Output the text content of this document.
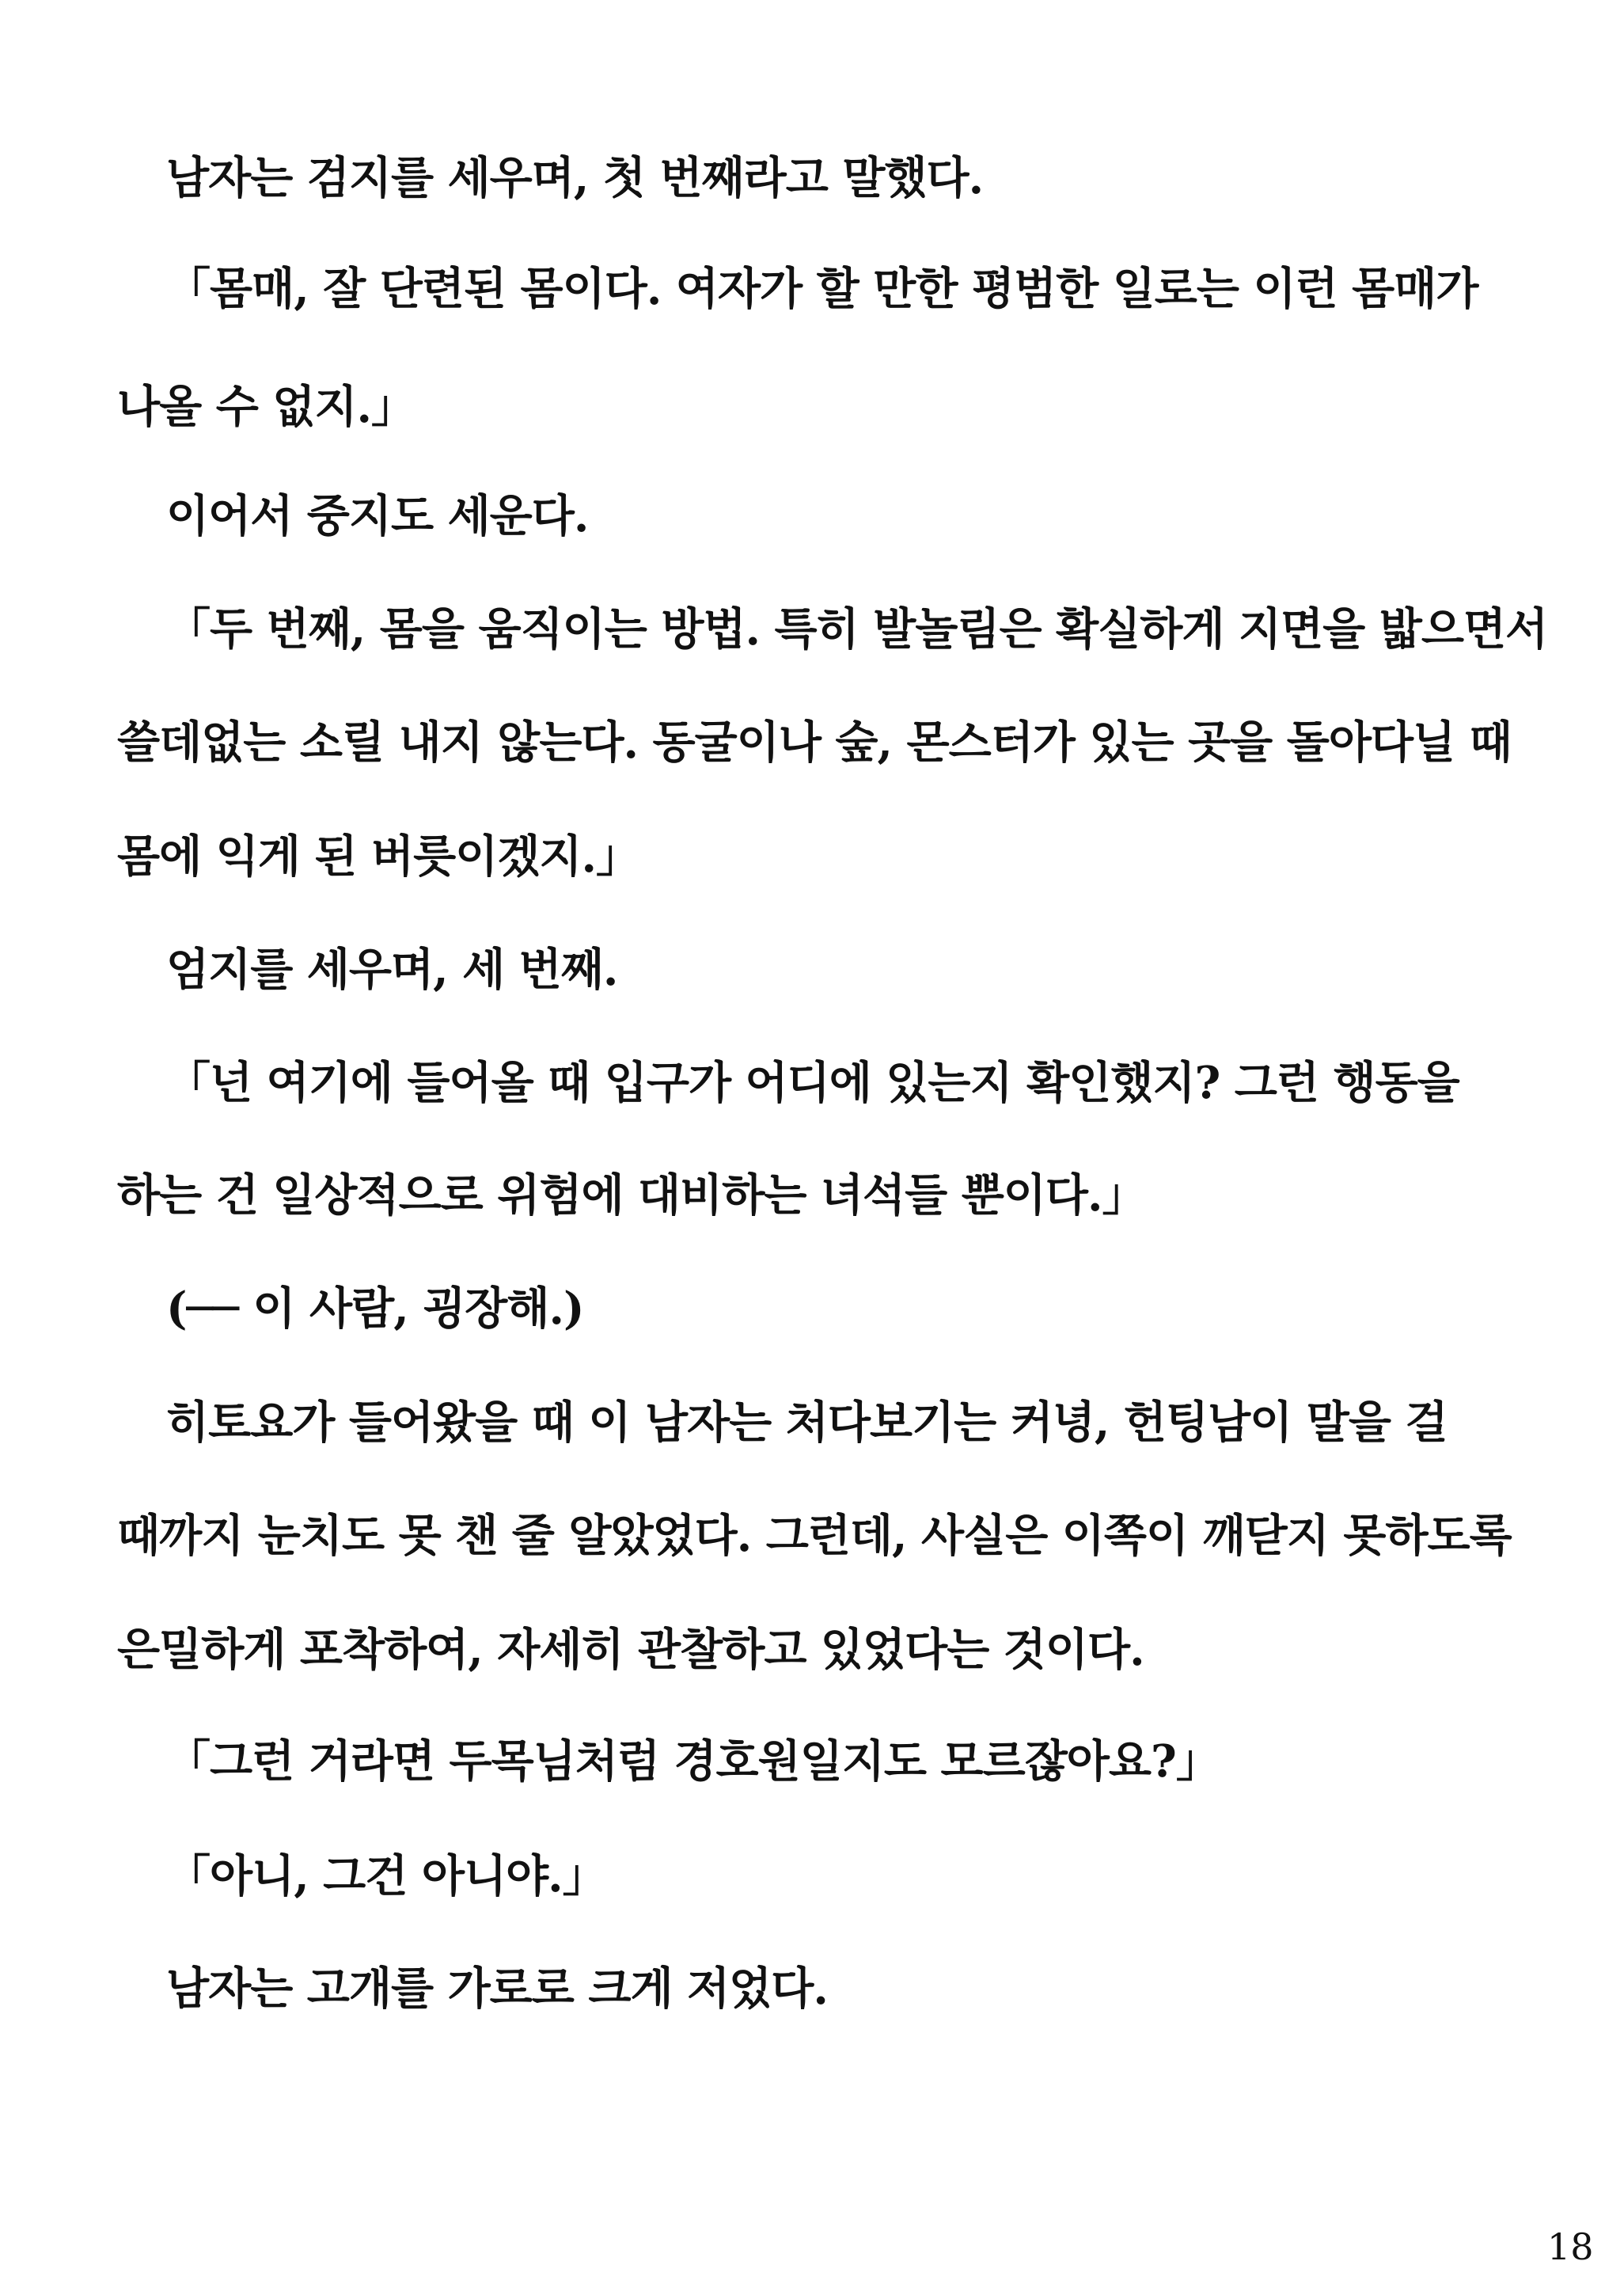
남자는 검지를 세우며, 첫 번째라고 말했다.
「몸매, 잘 단련된 몸이다. 여자가 할 만한 평범한 일로는 이런 몸매가
나올 수 없지.」
이어서 중지도 세운다.
「두 번째, 몸을 움직이는 방법. 특히 발놀림은 확실하게 지면을 밟으면서
쓸데없는 소릴 내지 않는다. 동굴이나 숲, 몬스터가 있는 곳을 돌아다닐 때
몸에 익게 된 버릇이겠지.」
엄지를 세우며, 세 번째.
「넌 여기에 들어올 때 입구가 어디에 있는지 확인했지? 그런 행동을
하는 건 일상적으로 위험에 대비하는 녀석들 뿐이다.」
(── 이 사람, 굉장해.)
히토요가 들어왔을 때 이 남자는 처다보기는 커녕, 헌팅남이 말을 걸
때까지 눈치도 못 챈 줄 알았었다. 그런데, 사실은 이쪽이 깨닫지 못하도록
은밀하게 포착하여, 자세히 관찰하고 있었다는 것이다.
「그런 거라면 두목님처럼 경호원일지도 모르잖아요?」
「아니, 그건 아니야.」
남자는 고개를 가로로 크게 저었다.
18
